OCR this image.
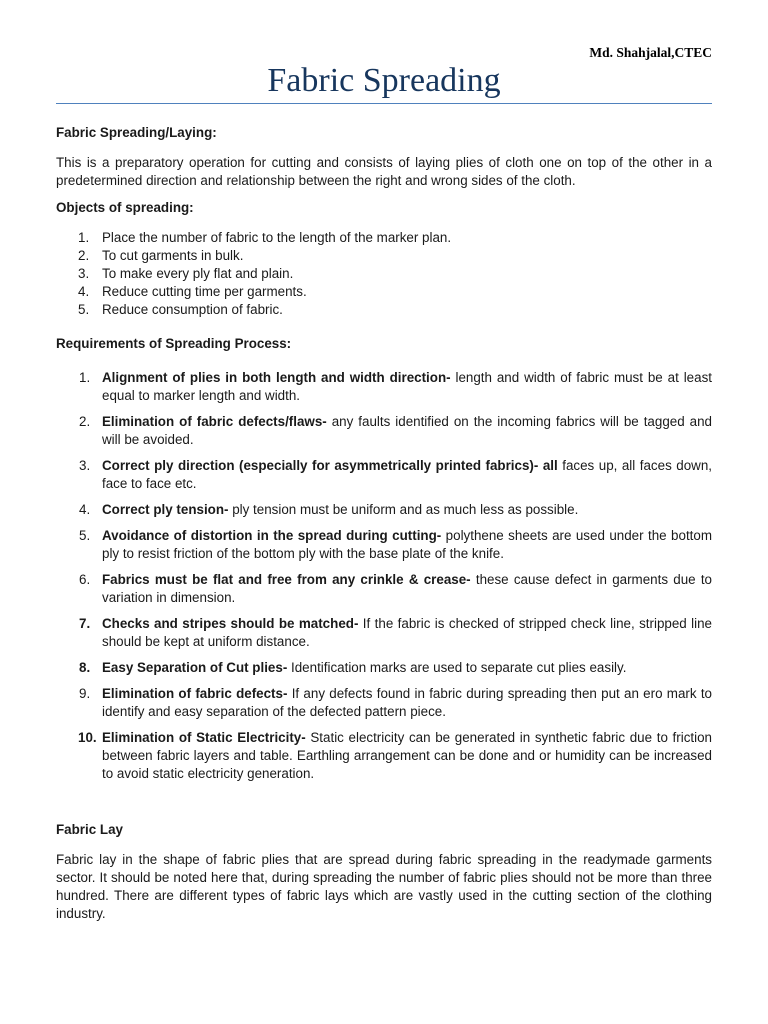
Md. Shahjalal,CTEC
Fabric Spreading

Fabric Spreading/Laying:

This is a preparatory operation for cutting and consists of laying plies of cloth one on top of the other in a predetermined direction and relationship between the right and wrong sides of the cloth.

Objects of spreading:

1. Place the number of fabric to the length of the marker plan.
2. To cut garments in bulk.
3. To make every ply flat and plain.
4. Reduce cutting time per garments.
5. Reduce consumption of fabric.

Requirements of Spreading Process:

1. Alignment of plies in both length and width direction- length and width of fabric must be at least equal to marker length and width.
2. Elimination of fabric defects/flaws- any faults identified on the incoming fabrics will be tagged and will be avoided.
3. Correct ply direction (especially for asymmetrically printed fabrics)- all faces up, all faces down, face to face etc.
4. Correct ply tension- ply tension must be uniform and as much less as possible.
5. Avoidance of distortion in the spread during cutting- polythene sheets are used under the bottom ply to resist friction of the bottom ply with the base plate of the knife.
6. Fabrics must be flat and free from any crinkle & crease- these cause defect in garments due to variation in dimension.
7. Checks and stripes should be matched- If the fabric is checked of stripped check line, stripped line should be kept at uniform distance.
8. Easy Separation of Cut plies- Identification marks are used to separate cut plies easily.
9. Elimination of fabric defects- If any defects found in fabric during spreading then put an ero mark to identify and easy separation of the defected pattern piece.
10. Elimination of Static Electricity- Static electricity can be generated in synthetic fabric due to friction between fabric layers and table. Earthling arrangement can be done and or humidity can be increased to avoid static electricity generation.

Fabric Lay

Fabric lay in the shape of fabric plies that are spread during fabric spreading in the readymade garments sector. It should be noted here that, during spreading the number of fabric plies should not be more than three hundred. There are different types of fabric lays which are vastly used in the cutting section of the clothing industry.
